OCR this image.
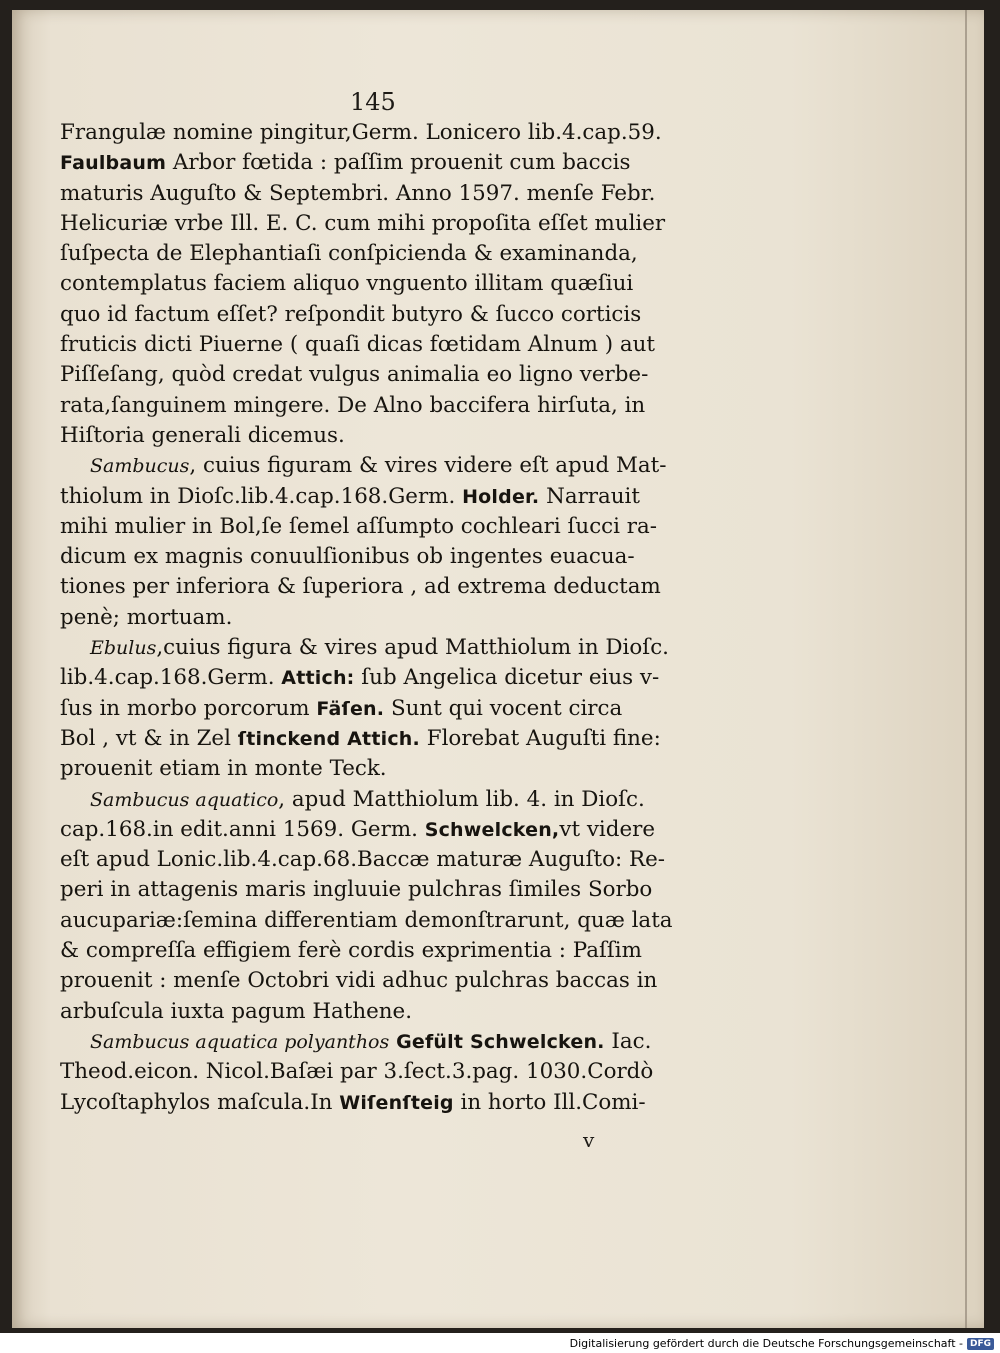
145
Frangulæ nomine pingitur,Germ. Lonicero lib.4.cap.59.
Faulbaum Arbor fœtida : paſſim prouenit cum baccis
maturis Auguſto & Septembri. Anno 1597. menſe Febr.
Helicuriæ vrbe Ill. E. C. cum mihi propoſita eſſet mulier
ſuſpecta de Elephantiaſi conſpicienda & examinanda,
contemplatus faciem aliquo vnguento illitam quæſiui
quo id factum eſſet? reſpondit butyro & ſucco corticis
fruticis dicti Piuerne ( quaſi dicas fœtidam Alnum ) aut
Piſſeſang, quòd credat vulgus animalia eo ligno verbe-
rata,ſanguinem mingere. De Alno baccifera hirſuta, in
Hiſtoria generali dicemus.
Sambucus, cuius figuram & vires videre eſt apud Mat-
thiolum in Dioſc.lib.4.cap.168.Germ. Holder. Narrauit
mihi mulier in Bol,ſe ſemel aſſumpto cochleari ſucci ra-
dicum ex magnis conuulſionibus ob ingentes euacua-
tiones per inferiora & ſuperiora , ad extrema deductam
penè; mortuam.
Ebulus,cuius figura & vires apud Matthiolum in Dioſc.
lib.4.cap.168.Germ. Attich: ſub Angelica dicetur eius v-
ſus in morbo porcorum Fäſen. Sunt qui vocent circa
Bol , vt & in Zel ſtinckend Attich. Florebat Auguſti fine:
prouenit etiam in monte Teck.
Sambucus aquatico, apud Matthiolum lib. 4. in Dioſc.
cap.168.in edit.anni 1569. Germ. Schwelcken,vt videre
eſt apud Lonic.lib.4.cap.68.Baccæ maturæ Auguſto: Re-
peri in attagenis maris ingluuie pulchras ſimiles Sorbo
aucupariæ:ſemina differentiam demonſtrarunt, quæ lata
& compreſſa effigiem ferè cordis exprimentia : Paſſim
prouenit : menſe Octobri vidi adhuc pulchras baccas in
arbuſcula iuxta pagum Hathene.
Sambucus aquatica polyanthos Gefült Schwelcken. Iac.
Theod.eicon. Nicol.Baſæi par 3.ſect.3.pag. 1030.Cordò
Lycoſtaphylos maſcula.In Wiſenſteig in horto Ill.Comi-
v
Digitalisierung gefördert durch die Deutsche Forschungsgemeinschaft - DFG
